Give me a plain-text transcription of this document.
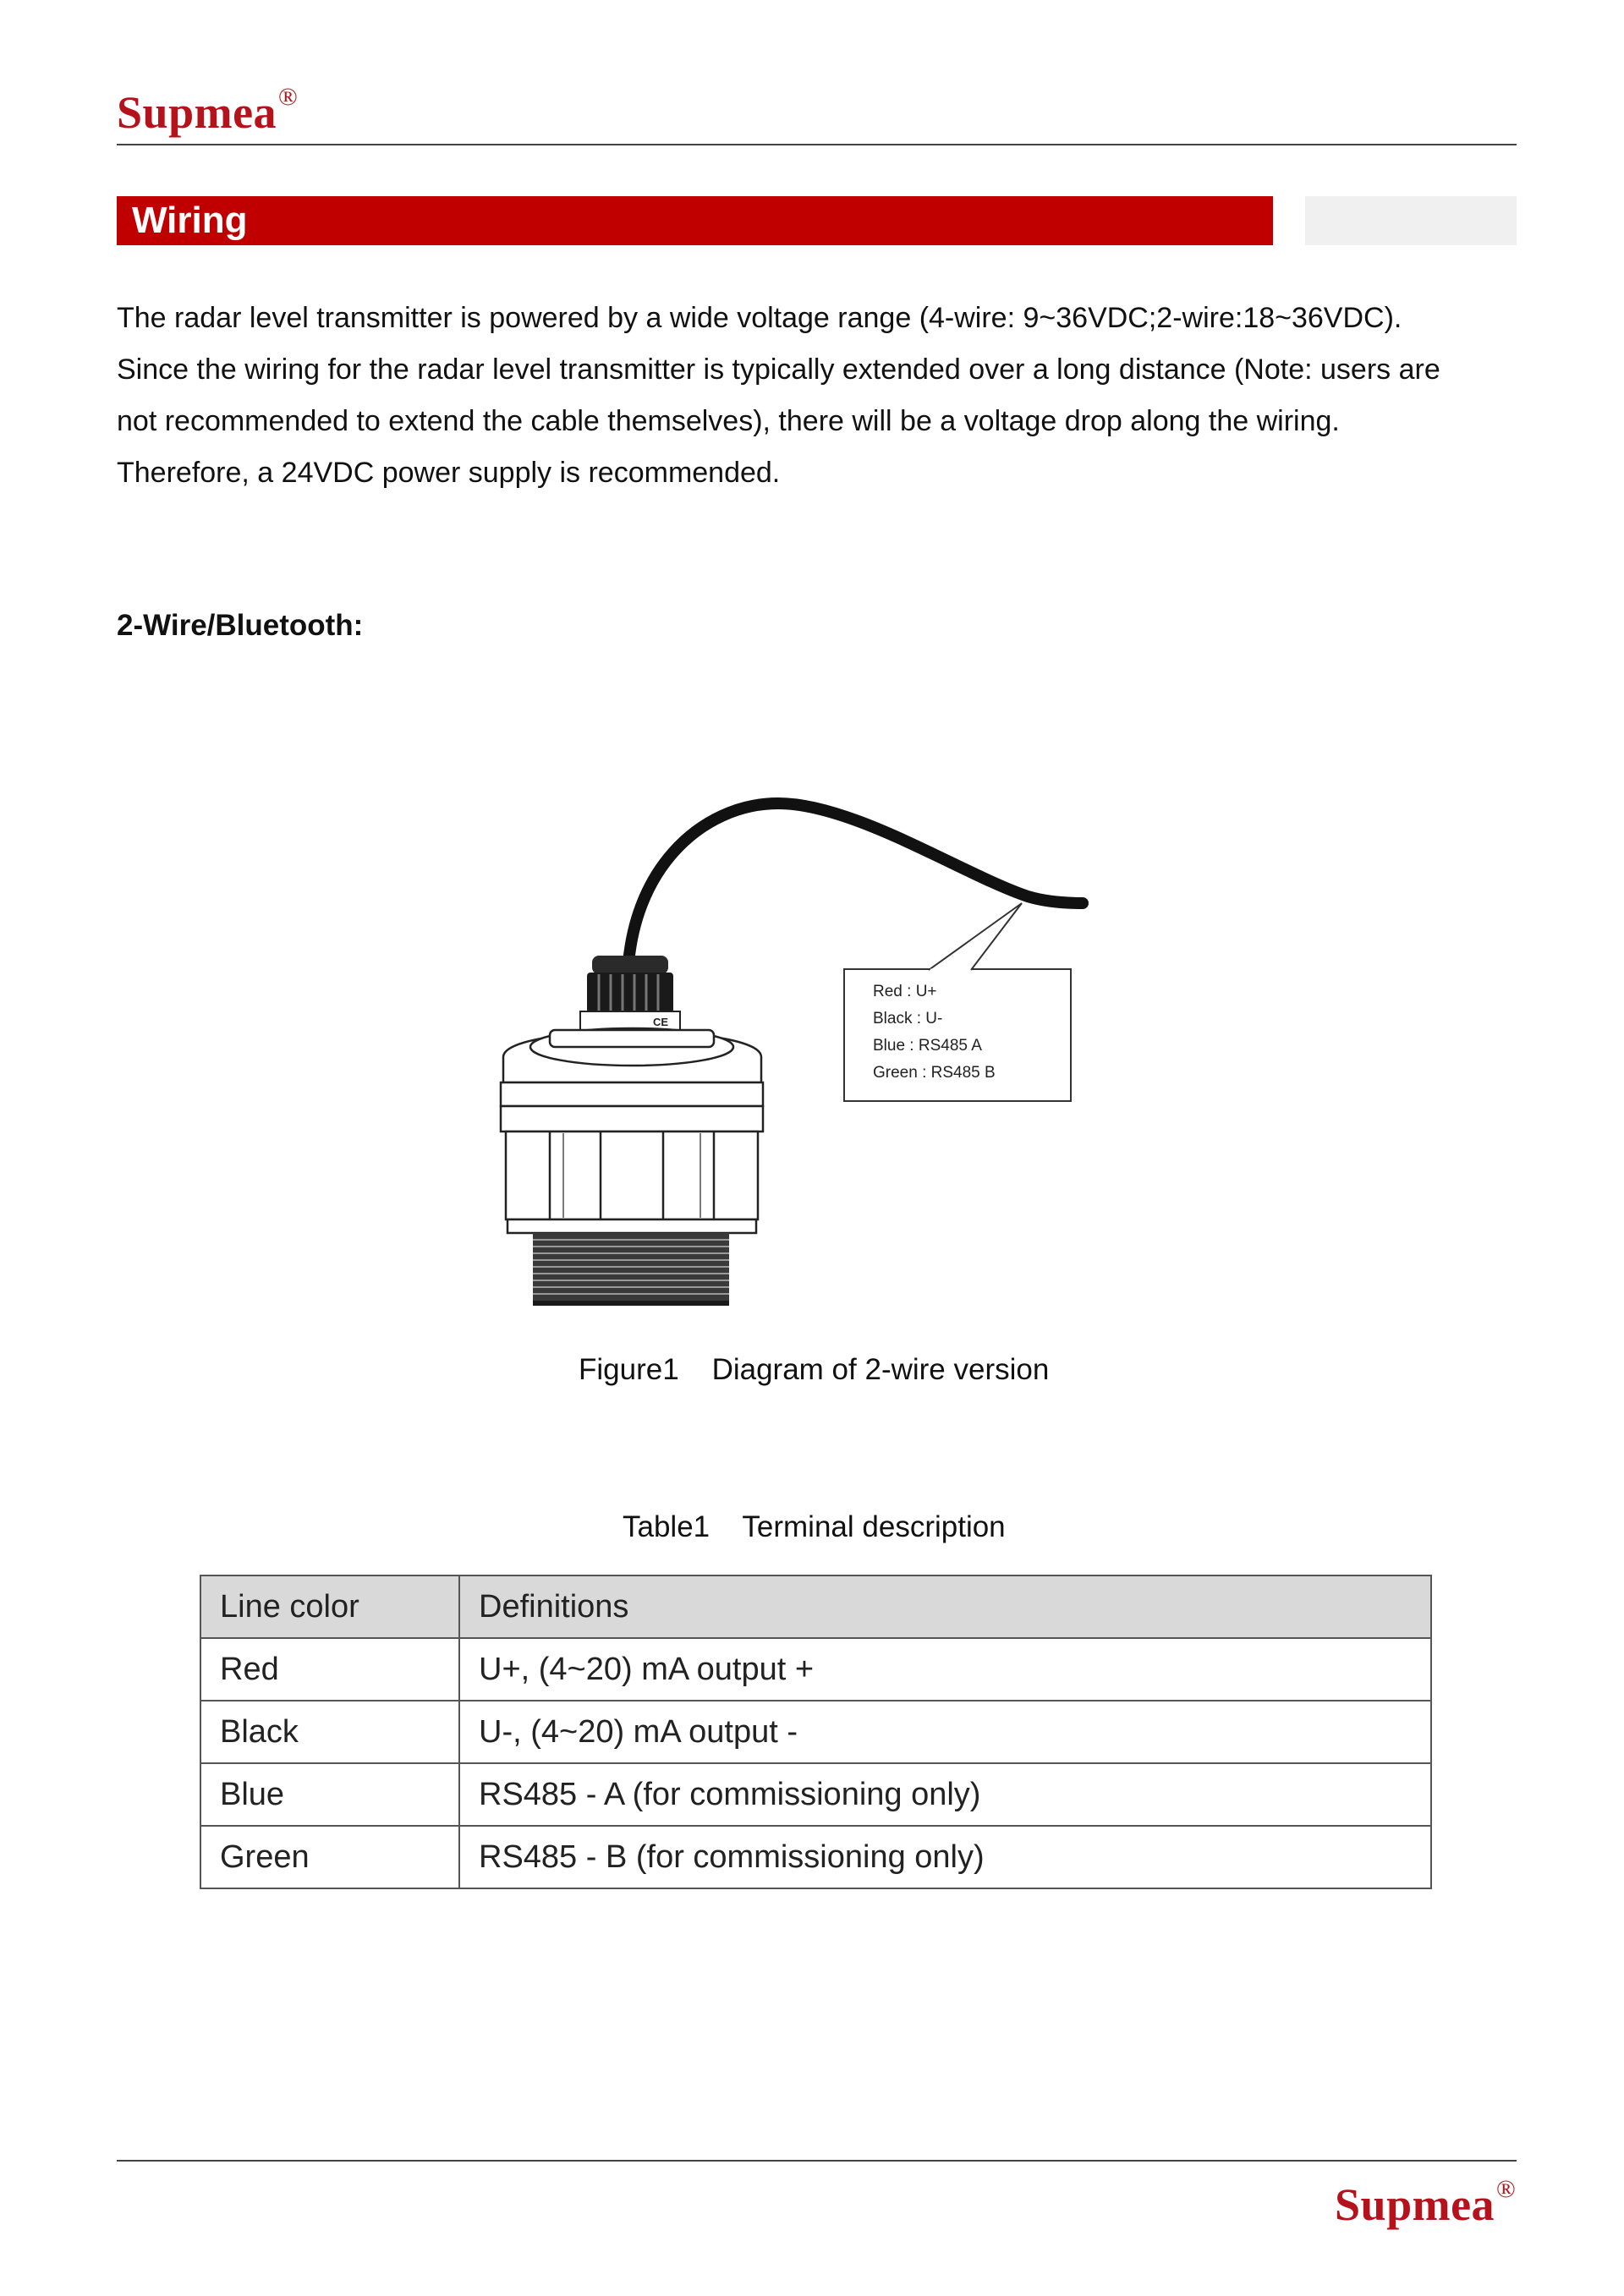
Supmea®
Wiring

The radar level transmitter is powered by a wide voltage range (4-wire: 9~36VDC;2-wire:18~36VDC).

Since the wiring for the radar level transmitter is typically extended over a long distance (Note: users are

not recommended to extend the cable themselves), there will be a voltage drop along the wiring.

Therefore, a 24VDC power supply is recommended.

2-Wire/Bluetooth:
Red : U+
Black : U-
Blue : RS485 A
Green : RS485 B
CE
Figure1 Diagram of 2-wire version
Table1 Terminal description
Line color	Definitions
Red	U+, (4~20) mA output +
Black	U-, (4~20) mA output -
Blue	RS485 - A (for commissioning only)
Green	RS485 - B (for commissioning only)
Supmea®
